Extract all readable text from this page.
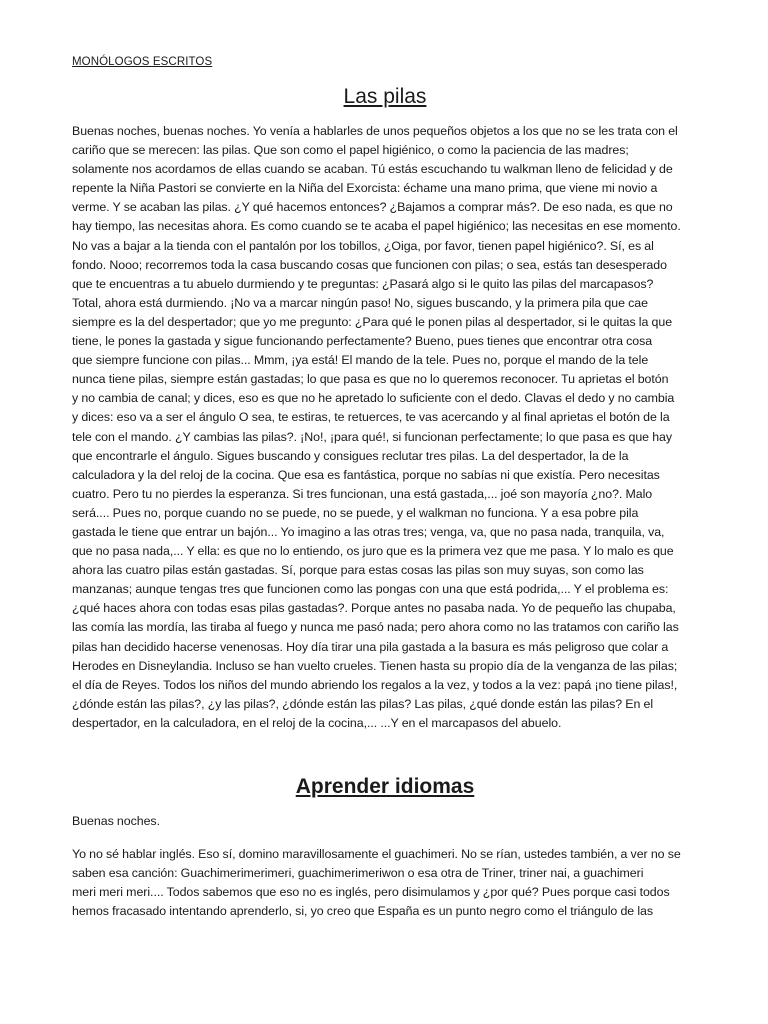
MONÓLOGOS ESCRITOS
Las pilas
Buenas noches, buenas noches. Yo venía a hablarles de unos pequeños objetos a los que no se les trata con el
cariño que se merecen: las pilas. Que son como el papel higiénico, o como la paciencia de las madres;
solamente nos acordamos de ellas cuando se acaban. Tú estás escuchando tu walkman lleno de felicidad y de
repente la Niña Pastori se convierte en la Niña del Exorcista: échame una mano prima, que viene mi novio a
verme. Y se acaban las pilas. ¿Y qué hacemos entonces? ¿Bajamos a comprar más?. De eso nada, es que no
hay tiempo, las necesitas ahora. Es como cuando se te acaba el papel higiénico; las necesitas en ese momento.
No vas a bajar a la tienda con el pantalón por los tobillos, ¿Oiga, por favor, tienen papel higiénico?. Sí, es al
fondo. Nooo; recorremos toda la casa buscando cosas que funcionen con pilas; o sea, estás tan desesperado
que te encuentras a tu abuelo durmiendo y te preguntas: ¿Pasará algo si le quito las pilas del marcapasos?
Total, ahora está durmiendo. ¡No va a marcar ningún paso! No, sigues buscando, y la primera pila que cae
siempre es la del despertador; que yo me pregunto: ¿Para qué le ponen pilas al despertador, si le quitas la que
tiene, le pones la gastada y sigue funcionando perfectamente? Bueno, pues tienes que encontrar otra cosa
que siempre funcione con pilas... Mmm, ¡ya está! El mando de la tele. Pues no, porque el mando de la tele
nunca tiene pilas, siempre están gastadas; lo que pasa es que no lo queremos reconocer. Tu aprietas el botón
y no cambia de canal; y dices, eso es que no he apretado lo suficiente con el dedo. Clavas el dedo y no cambia
y dices: eso va a ser el ángulo O sea, te estiras, te retuerces, te vas acercando y al final aprietas el botón de la
tele con el mando. ¿Y cambias las pilas?. ¡No!, ¡para qué!, si funcionan perfectamente; lo que pasa es que hay
que encontrarle el ángulo. Sigues buscando y consigues reclutar tres pilas. La del despertador, la de la
calculadora y la del reloj de la cocina. Que esa es fantástica, porque no sabías ni que existía. Pero necesitas
cuatro. Pero tu no pierdes la esperanza. Si tres funcionan, una está gastada,... joé son mayoría ¿no?. Malo
será.... Pues no, porque cuando no se puede, no se puede, y el walkman no funciona. Y a esa pobre pila
gastada le tiene que entrar un bajón... Yo imagino a las otras tres; venga, va, que no pasa nada, tranquila, va,
que no pasa nada,... Y ella: es que no lo entiendo, os juro que es la primera vez que me pasa. Y lo malo es que
ahora las cuatro pilas están gastadas. Sí, porque para estas cosas las pilas son muy suyas, son como las
manzanas; aunque tengas tres que funcionen como las pongas con una que está podrida,... Y el problema es:
¿qué haces ahora con todas esas pilas gastadas?. Porque antes no pasaba nada. Yo de pequeño las chupaba,
las comía las mordía, las tiraba al fuego y nunca me pasó nada; pero ahora como no las tratamos con cariño las
pilas han decidido hacerse venenosas. Hoy día tirar una pila gastada a la basura es más peligroso que colar a
Herodes en Disneylandia. Incluso se han vuelto crueles. Tienen hasta su propio día de la venganza de las pilas;
el día de Reyes. Todos los niños del mundo abriendo los regalos a la vez, y todos a la vez: papá ¡no tiene pilas!,
¿dónde están las pilas?, ¿y las pilas?, ¿dónde están las pilas? Las pilas, ¿qué donde están las pilas? En el
despertador, en la calculadora, en el reloj de la cocina,... ...Y en el marcapasos del abuelo.
Aprender idiomas
Buenas noches.
Yo no sé hablar inglés. Eso sí, domino maravillosamente el guachimeri. No se rían, ustedes también, a ver no se
saben esa canción: Guachimerimerimeri, guachimerimeriwon o esa otra de Triner, triner nai, a guachimeri
meri meri meri.... Todos sabemos que eso no es inglés, pero disimulamos y ¿por qué? Pues porque casi todos
hemos fracasado intentando aprenderlo, si, yo creo que España es un punto negro como el triángulo de las
